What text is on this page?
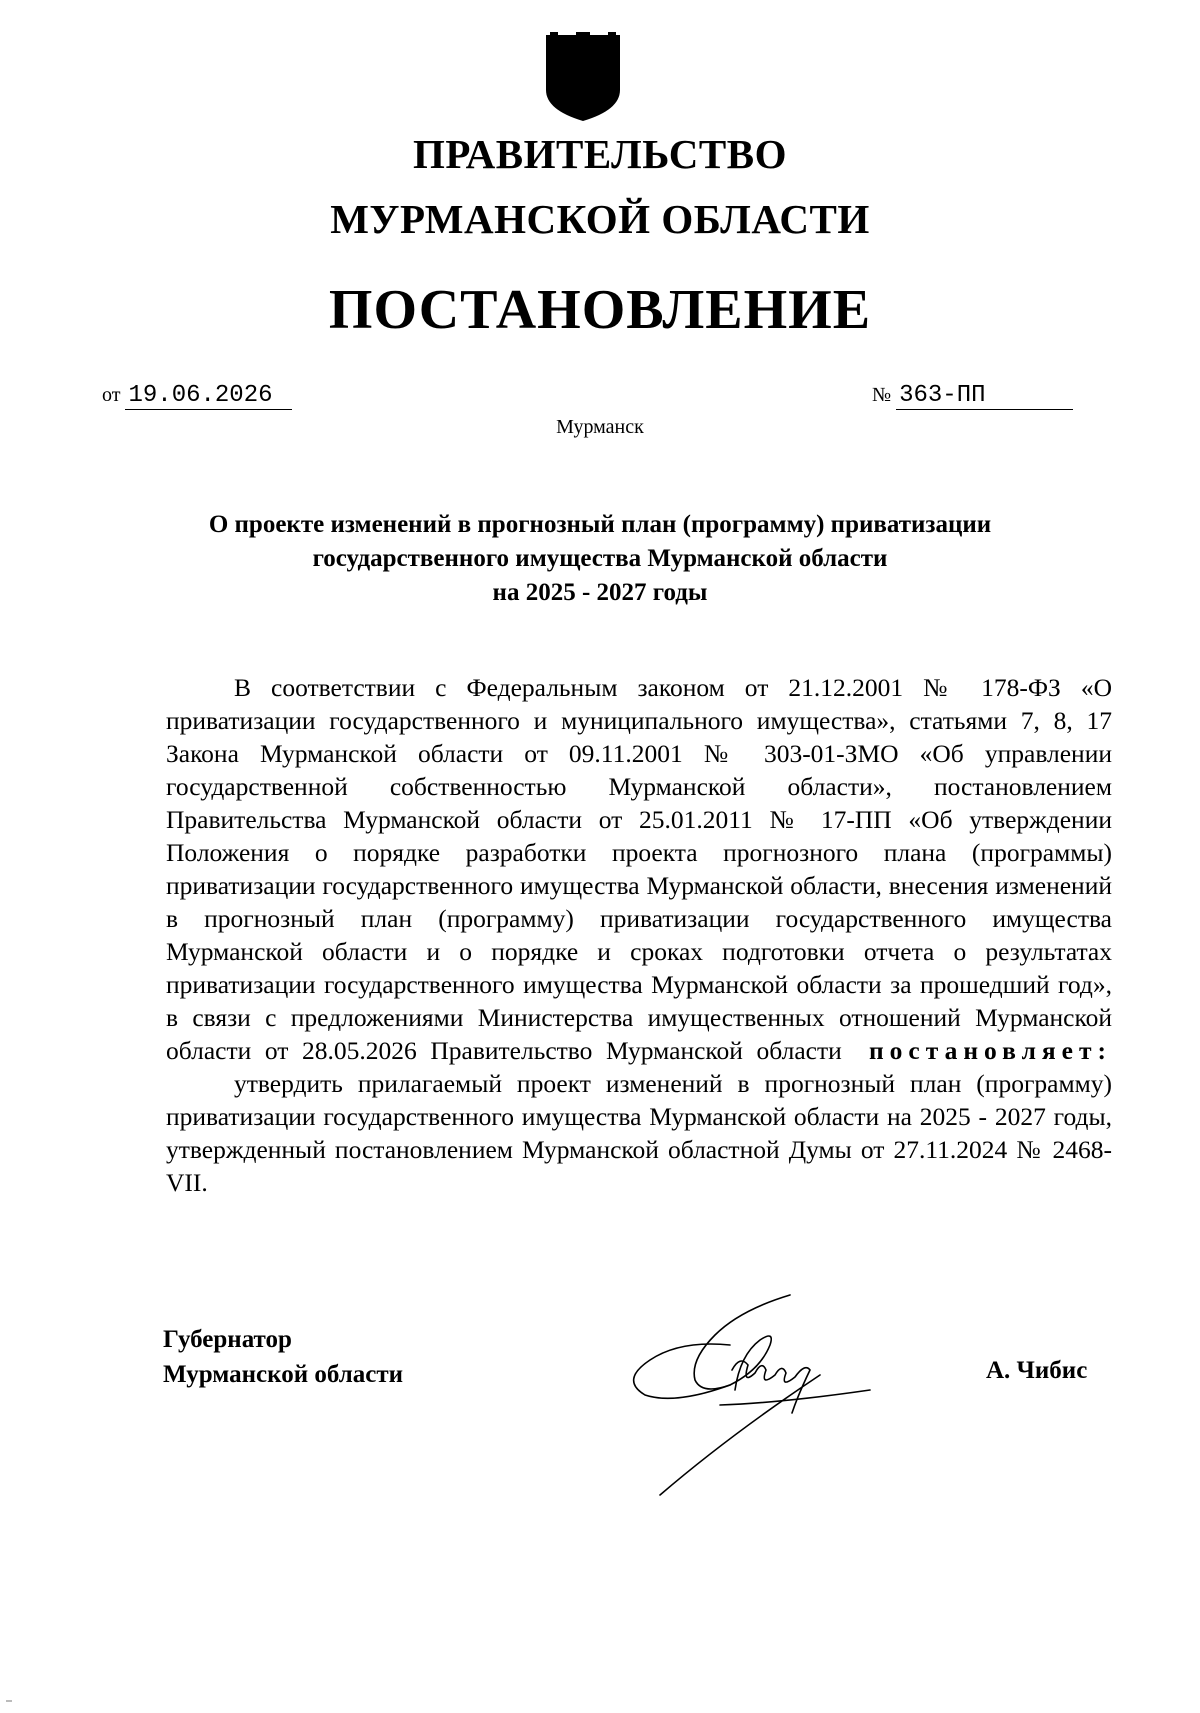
ПРАВИТЕЛЬСТВО
МУРМАНСКОЙ ОБЛАСТИ
ПОСТАНОВЛЕНИЕ
от 19.06.2026	№ 363-ПП
Мурманск
О проекте изменений в прогнозный план (программу) приватизации
государственного имущества Мурманской области
на 2025 - 2027 годы

В соответствии с Федеральным законом от 21.12.2001 № 178-ФЗ «О приватизации государственного и муниципального имущества», статьями 7, 8, 17 Закона Мурманской области от 09.11.2001 № 303-01-ЗМО «Об управлении государственной собственностью Мурманской области», постановлением Правительства Мурманской области от 25.01.2011 № 17-ПП «Об утверждении Положения о порядке разработки проекта прогнозного плана (программы) приватизации государственного имущества Мурманской области, внесения изменений в прогнозный план (программу) приватизации государственного имущества Мурманской области и о порядке и сроках подготовки отчета о результатах приватизации государственного имущества Мурманской области за прошедший год», в связи с предложениями Министерства имущественных отношений Мурманской области от 28.05.2026 Правительство Мурманской области постановляет:

утвердить прилагаемый проект изменений в прогнозный план (программу) приватизации государственного имущества Мурманской области на 2025 - 2027 годы, утвержденный постановлением Мурманской областной Думы от 27.11.2024 № 2468-VII.

Губернатор
Мурманской области	А. Чибис
